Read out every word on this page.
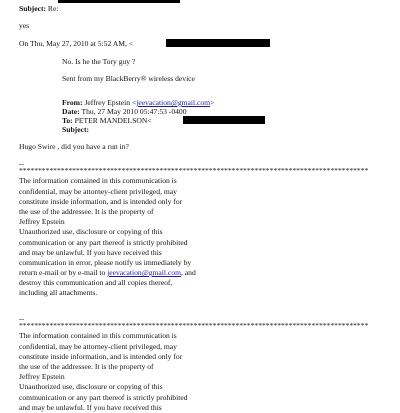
Subject: Re:
yes
On Thu, May 27, 2010 at 5:52 AM, <
No. Is he the Tory guy ?
Sent from my BlackBerry® wireless device
From: Jeffrey Epstein <jeevacation@gmail.com>
Date: Thu, 27 May 2010 05:47:53 -0400
To: PETER MANDELSON<
Subject:
Hugo Swire , did you have a run in?
--
********************************************************************************************
The information contained in this communication is
confidential, may be attorney-client privileged, may
constitute inside information, and is intended only for
the use of the addressee. It is the property of
Jeffrey Epstein
Unauthorized use, disclosure or copying of this
communication or any part thereof is strictly prohibited
and may be unlawful. If you have received this
communication in error, please notify us immediately by
return e-mail or by e-mail to jeevacation@gmail.com, and
destroy this communication and all copies thereof,
including all attachments.
--
********************************************************************************************
The information contained in this communication is
confidential, may be attorney-client privileged, may
constitute inside information, and is intended only for
the use of the addressee. It is the property of
Jeffrey Epstein
Unauthorized use, disclosure or copying of this
communication or any part thereof is strictly prohibited
and may be unlawful. If you have received this
